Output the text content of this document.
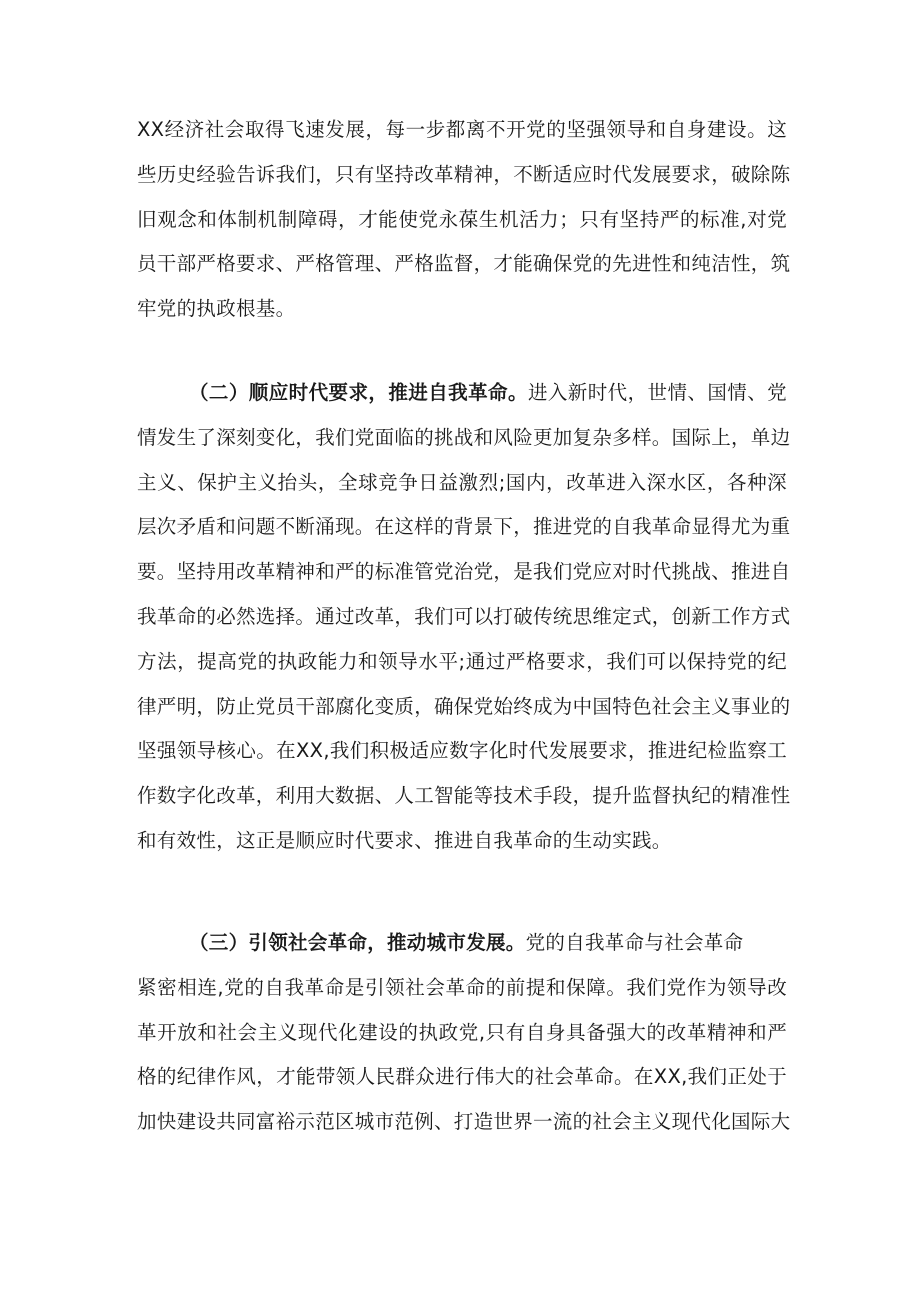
XX经济社会取得飞速发展，每一步都离不开党的坚强领导和自身建设。这
些历史经验告诉我们，只有坚持改革精神，不断适应时代发展要求，破除陈
旧观念和体制机制障碍，才能使党永葆生机活力；只有坚持严的标准,对党
员干部严格要求、严格管理、严格监督，才能确保党的先进性和纯洁性，筑
牢党的执政根基。
（二）顺应时代要求，推进自我革命。进入新时代，世情、国情、党
情发生了深刻变化，我们党面临的挑战和风险更加复杂多样。国际上，单边
主义、保护主义抬头，全球竞争日益激烈;国内，改革进入深水区，各种深
层次矛盾和问题不断涌现。在这样的背景下，推进党的自我革命显得尤为重
要。坚持用改革精神和严的标准管党治党，是我们党应对时代挑战、推进自
我革命的必然选择。通过改革，我们可以打破传统思维定式，创新工作方式
方法，提高党的执政能力和领导水平;通过严格要求，我们可以保持党的纪
律严明，防止党员干部腐化变质，确保党始终成为中国特色社会主义事业的
坚强领导核心。在XX,我们积极适应数字化时代发展要求，推进纪检监察工
作数字化改革，利用大数据、人工智能等技术手段，提升监督执纪的精准性
和有效性，这正是顺应时代要求、推进自我革命的生动实践。
（三）引领社会革命，推动城市发展。党的自我革命与社会革命
紧密相连,党的自我革命是引领社会革命的前提和保障。我们党作为领导改
革开放和社会主义现代化建设的执政党,只有自身具备强大的改革精神和严
格的纪律作风，才能带领人民群众进行伟大的社会革命。在XX,我们正处于
加快建设共同富裕示范区城市范例、打造世界一流的社会主义现代化国际大
